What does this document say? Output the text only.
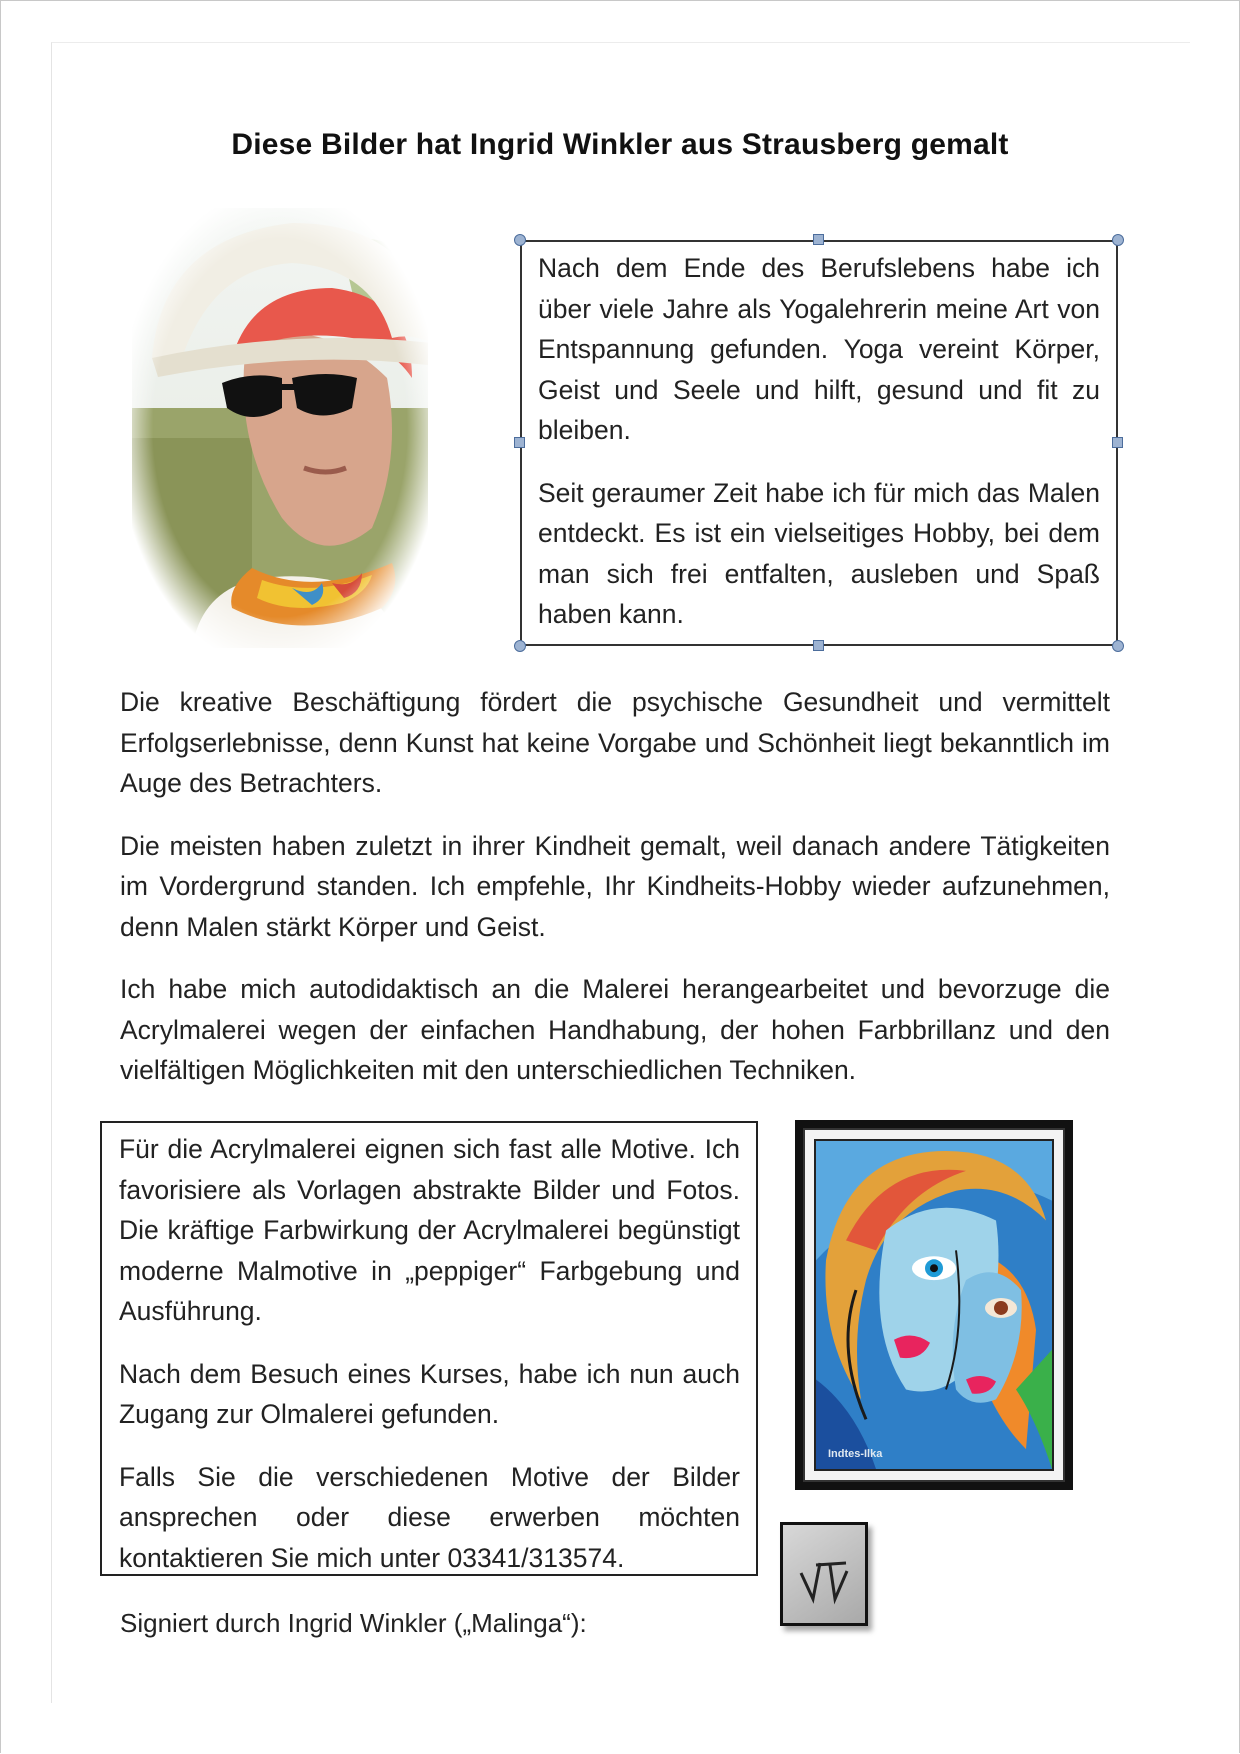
Diese Bilder hat Ingrid Winkler aus Strausberg gemalt

Nach dem Ende des Berufslebens habe ich über viele Jahre als Yogalehrerin meine Art von Entspannung gefunden. Yoga vereint Körper, Geist und Seele und hilft, gesund und fit zu bleiben.

Seit geraumer Zeit habe ich für mich das Malen entdeckt. Es ist ein vielseitiges Hobby, bei dem man sich frei entfalten, ausleben und Spaß haben kann.

Die kreative Beschäftigung fördert die psychische Gesundheit und vermittelt Erfolgserlebnisse, denn Kunst hat keine Vorgabe und Schönheit liegt bekanntlich im Auge des Betrachters.

Die meisten haben zuletzt in ihrer Kindheit gemalt, weil danach andere Tätigkeiten im Vordergrund standen. Ich empfehle, Ihr Kindheits-Hobby wieder aufzunehmen, denn Malen stärkt Körper und Geist.

Ich habe mich autodidaktisch an die Malerei herangearbeitet und bevorzuge die Acrylmalerei wegen der einfachen Handhabung, der hohen Farbbrillanz und den vielfältigen Möglichkeiten mit den unterschiedlichen Techniken.

Für die Acrylmalerei eignen sich fast alle Motive. Ich favorisiere als Vorlagen abstrakte Bilder und Fotos. Die kräftige Farbwirkung der Acrylmalerei begünstigt moderne Malmotive in „peppiger“ Farbgebung und Ausführung.

Nach dem Besuch eines Kurses, habe ich nun auch Zugang zur Olmalerei gefunden.

Falls Sie die verschiedenen Motive der Bilder ansprechen oder diese erwerben möchten kontaktieren Sie mich unter 03341/313574.

Indtes-Ilka
Signiert durch Ingrid Winkler („Malinga“):
